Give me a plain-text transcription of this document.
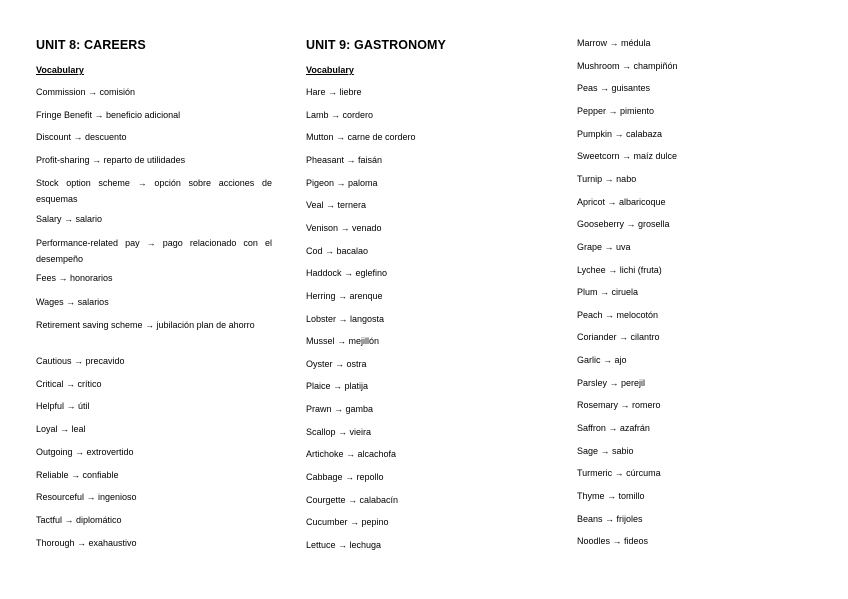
UNIT 8: CAREERS
Vocabulary
Commission → comisión
Fringe Benefit → beneficio adicional
Discount → descuento
Profit-sharing → reparto de utilidades
Stock option scheme → opción sobre acciones de esquemas
Salary → salario
Performance-related pay → pago relacionado con el desempeño
Fees → honorarios
Wages → salarios
Retirement saving scheme → jubilación plan de ahorro
Cautious → precavido
Critical → crítico
Helpful → útil
Loyal → leal
Outgoing → extrovertido
Reliable → confiable
Resourceful → ingenioso
Tactful → diplomático
Thorough → exahaustivo
UNIT 9: GASTRONOMY
Vocabulary
Hare → liebre
Lamb → cordero
Mutton → carne de cordero
Pheasant → faisán
Pigeon → paloma
Veal → ternera
Venison → venado
Cod → bacalao
Haddock → eglefino
Herring → arenque
Lobster → langosta
Mussel → mejillón
Oyster → ostra
Plaice → platija
Prawn → gamba
Scallop → vieira
Artichoke → alcachofa
Cabbage → repollo
Courgette → calabacín
Cucumber → pepino
Lettuce → lechuga
Marrow → médula
Mushroom → champiñón
Peas → guisantes
Pepper → pimiento
Pumpkin → calabaza
Sweetcorn → maíz dulce
Turnip → nabo
Apricot → albaricoque
Gooseberry → grosella
Grape → uva
Lychee → lichi (fruta)
Plum → ciruela
Peach → melocotón
Coriander → cilantro
Garlic → ajo
Parsley → perejil
Rosemary → romero
Saffron → azafrán
Sage → sabio
Turmeric → cúrcuma
Thyme → tomillo
Beans → frijoles
Noodles → fideos
